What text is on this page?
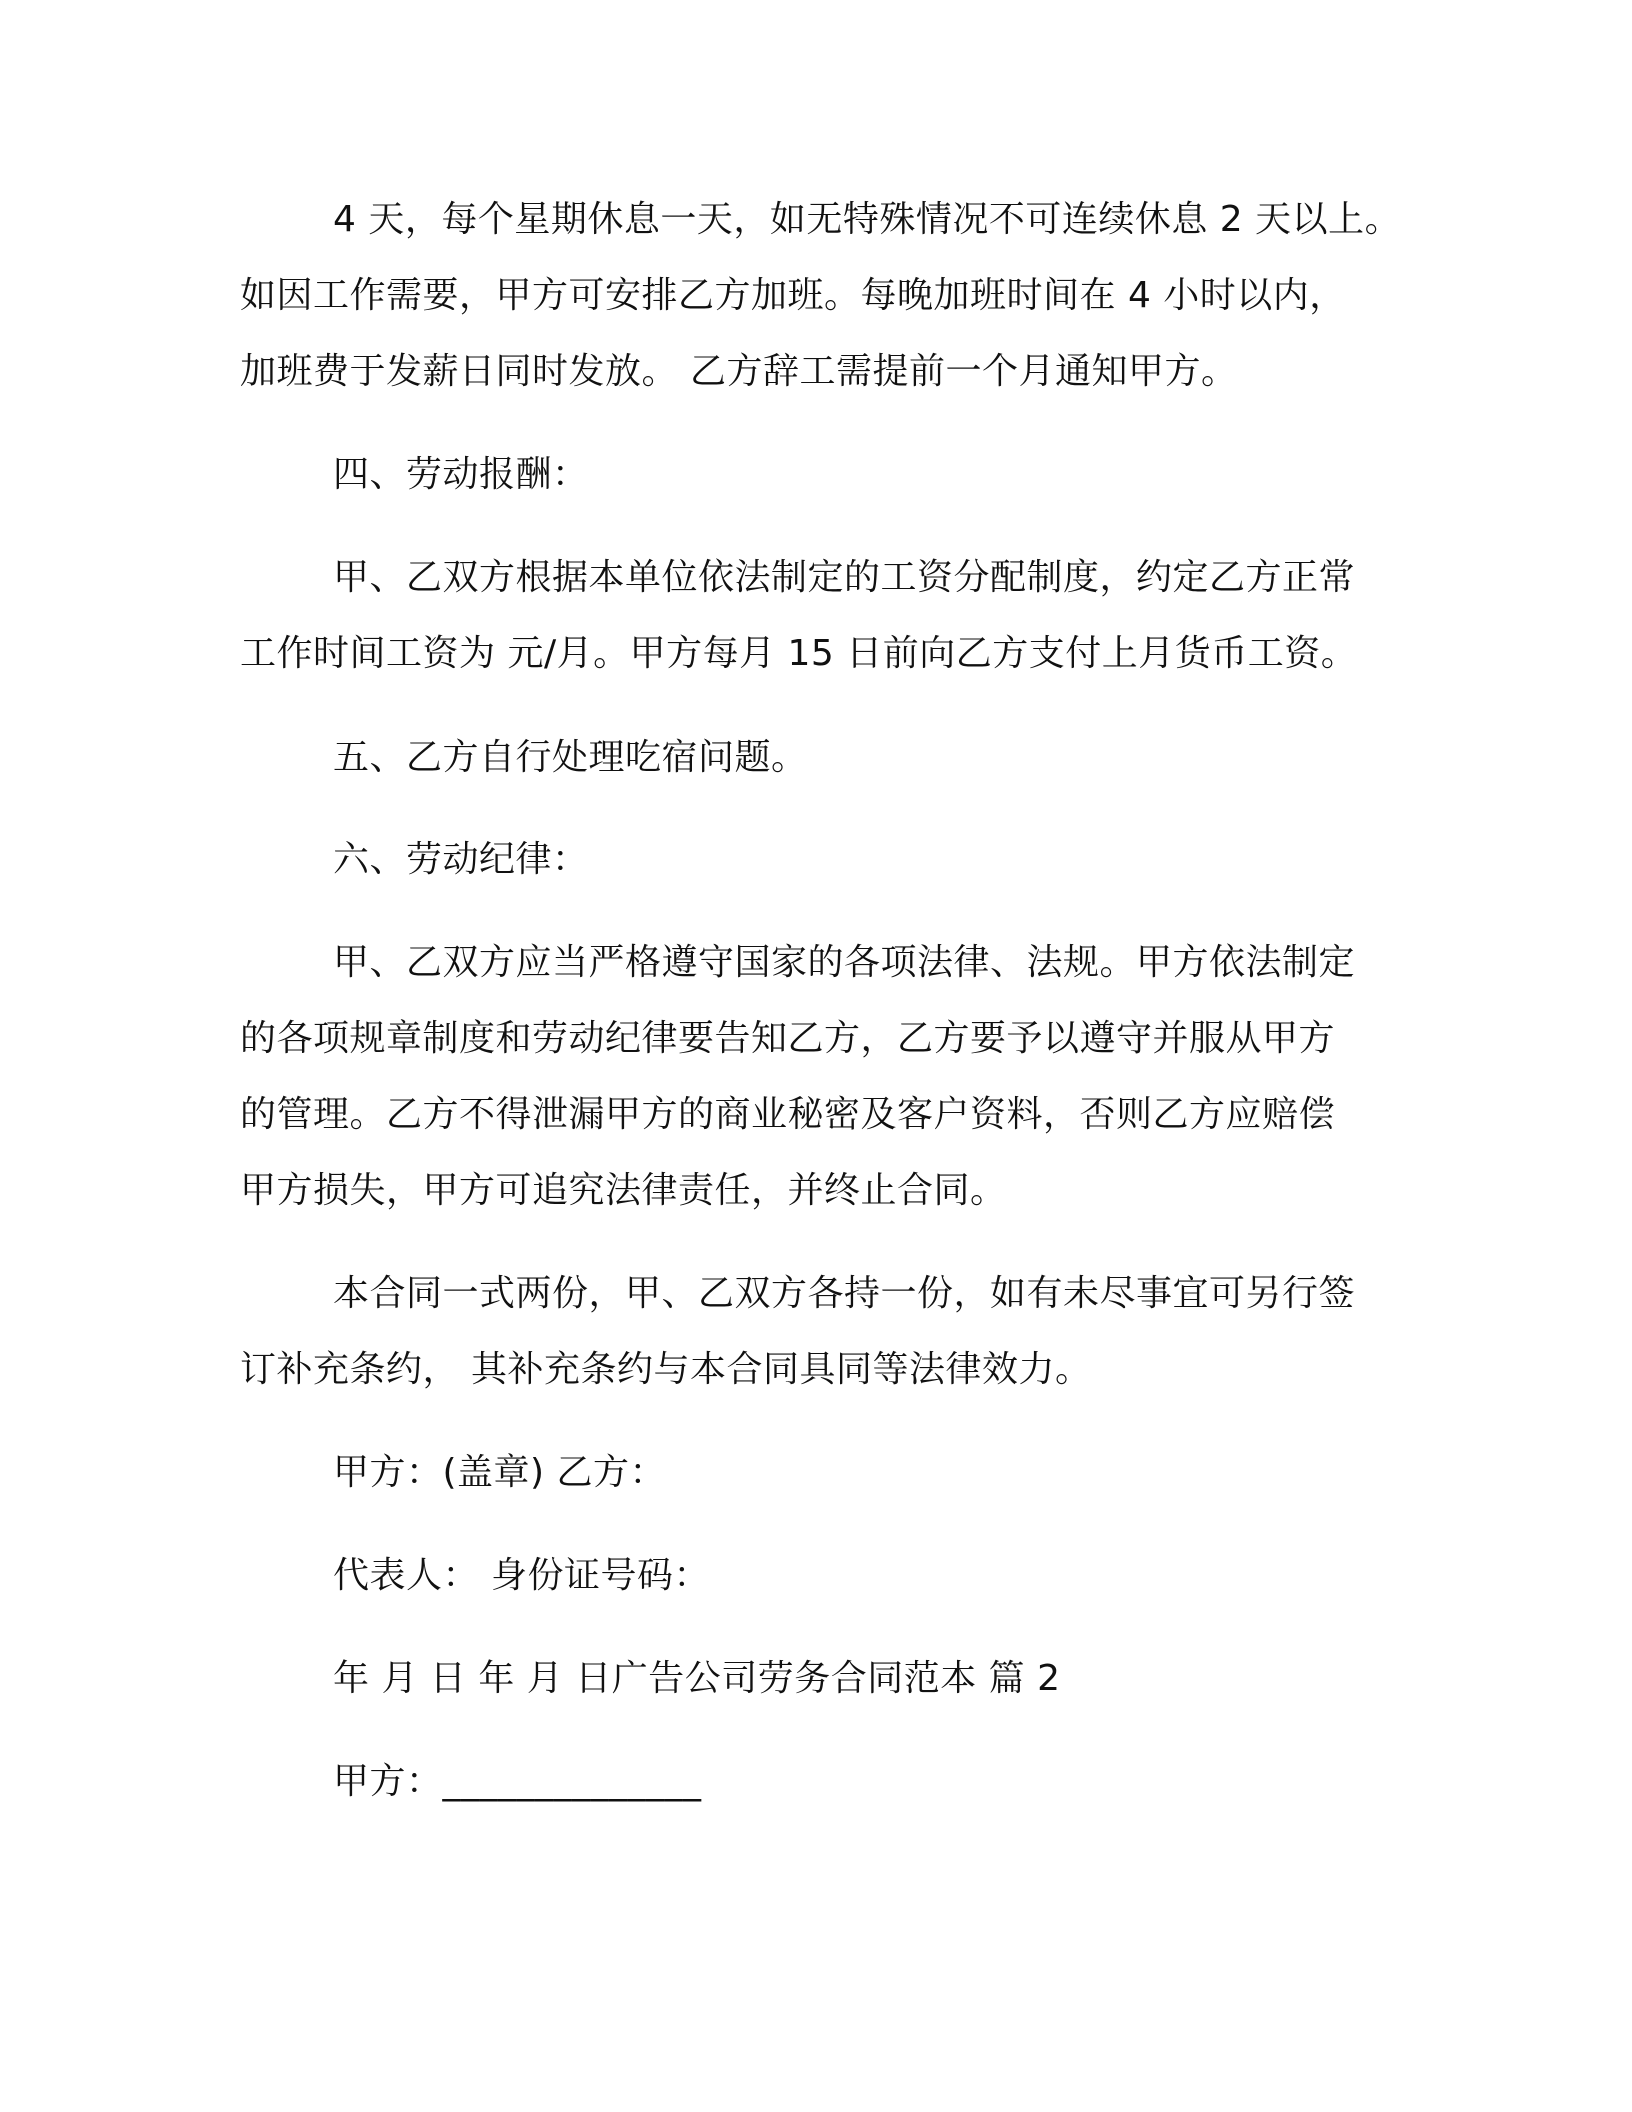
4 天，每个星期休息一天，如无特殊情况不可连续休息 2 天以上。
如因工作需要，甲方可安排乙方加班。每晚加班时间在 4 小时以内，
加班费于发薪日同时发放。 乙方辞工需提前一个月通知甲方。
四、劳动报酬：
甲、乙双方根据本单位依法制定的工资分配制度，约定乙方正常
工作时间工资为 元/月。甲方每月 15 日前向乙方支付上月货币工资。
五、乙方自行处理吃宿问题。
六、劳动纪律：
甲、乙双方应当严格遵守国家的各项法律、法规。甲方依法制定
的各项规章制度和劳动纪律要告知乙方，乙方要予以遵守并服从甲方
的管理。乙方不得泄漏甲方的商业秘密及客户资料，否则乙方应赔偿
甲方损失，甲方可追究法律责任，并终止合同。
本合同一式两份，甲、乙双方各持一份，如有未尽事宜可另行签
订补充条约， 其补充条约与本合同具同等法律效力。
甲方：(盖章) 乙方：
代表人： 身份证号码：
年 月 日 年 月 日广告公司劳务合同范本 篇 2
甲方：______________
